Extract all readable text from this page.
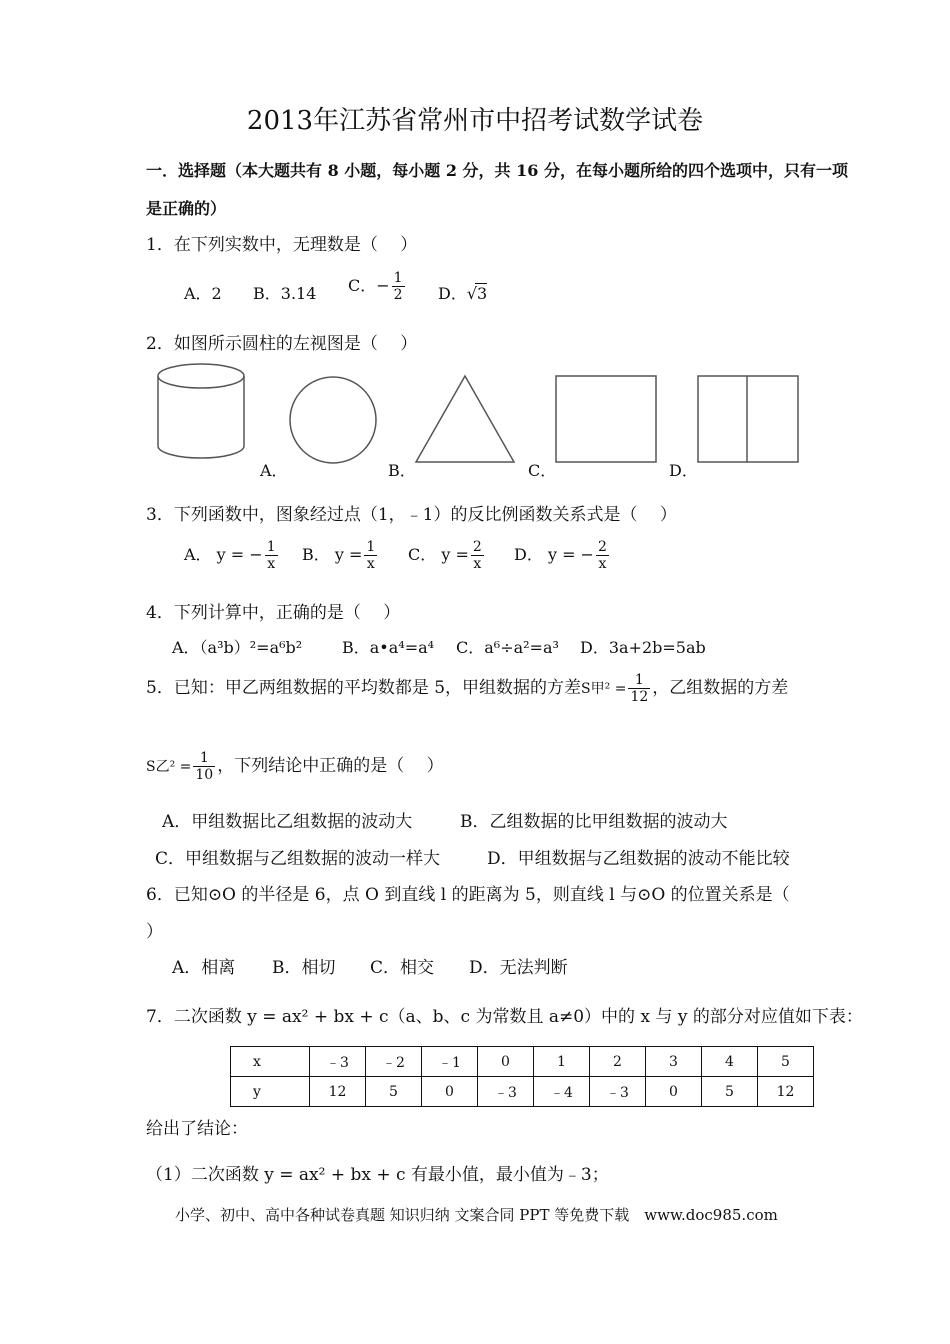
2013年江苏省常州市中招考试数学试卷
一．选择题（本大题共有 8 小题，每小题 2 分，共 16 分，在每小题所给的四个选项中，只有一项
是正确的）
1．在下列实数中，无理数是（　 ）
A．2 B．3.14 C．− $\frac{1}{2}$ D．√3
2．如图所示圆柱的左视图是（　 ）
A．	B．	C．	D．
3．下列函数中，图象经过点（1，﹣1）的反比例函数关系式是（　 ）
A． y = − $\frac{1}{x}$ B． $y = \frac{1}{x}$ C． $y = \frac{2}{x}$ D． y = − $\frac{2}{x}$
4．下列计算中，正确的是（　 ）
A．（a³b）²=a⁶b² B．a•a⁴=a⁴ C．a⁶÷a²=a³ D．3a+2b=5ab
5．已知：甲乙两组数据的平均数都是 5，甲组数据的方差S甲$^2 = \frac{1}{12}$ ，乙组数据的方差
S乙$^2 = \frac{1}{10}$ ，下列结论中正确的是（　 ）
A．甲组数据比乙组数据的波动大	B．乙组数据的比甲组数据的波动大
C．甲组数据与乙组数据的波动一样大	D．甲组数据与乙组数据的波动不能比较
6．已知⊙O 的半径是 6，点 O 到直线 l 的距离为 5，则直线 l 与⊙O 的位置关系是（
）
A．相离 B．相切 C．相交 D．无法判断
7．二次函数 y = ax² + bx + c（a、b、c 为常数且 a≠0）中的 x 与 y 的部分对应值如下表：
x	﹣3	﹣2	﹣1	0	1	2	3	4	5
y	12	5	0	﹣3	﹣4	﹣3	0	5	12
给出了结论：
（1）二次函数 y = ax² + bx + c 有最小值，最小值为﹣3；
小学、初中、高中各种试卷真题 知识归纳 文案合同 PPT 等免费下载　www.doc985.com
